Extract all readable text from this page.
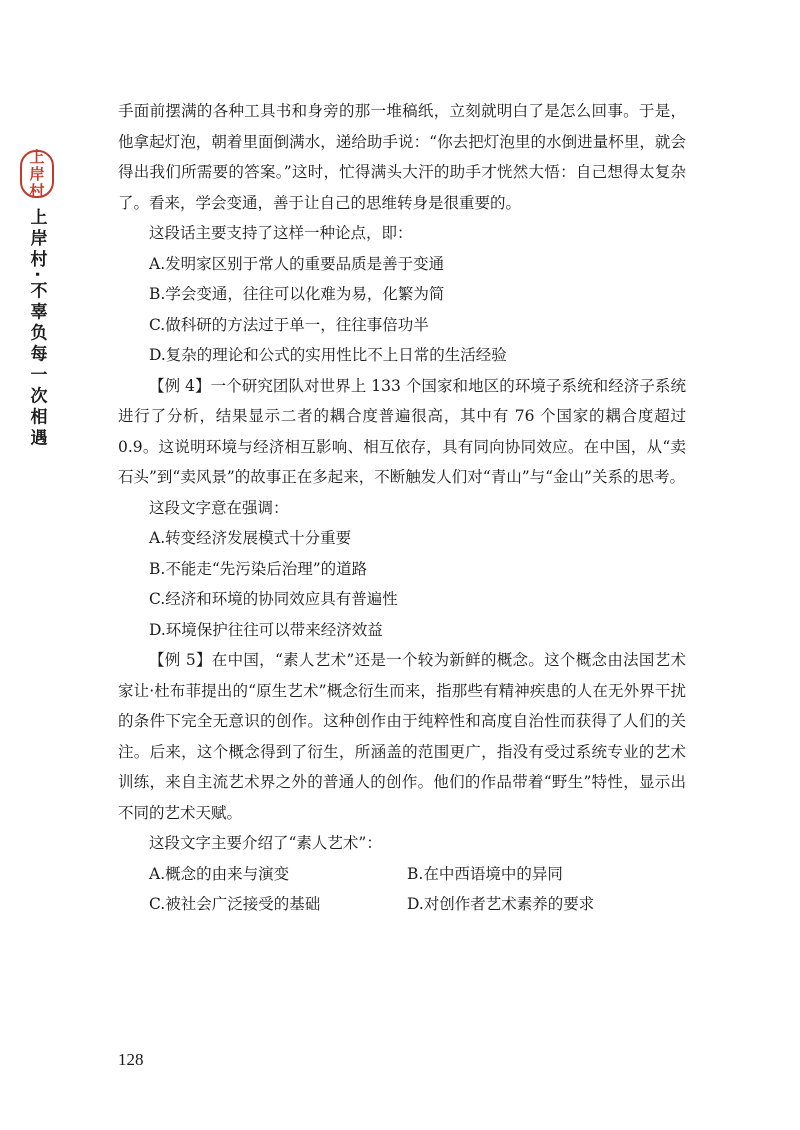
上岸村
上岸村·不辜负每一次相遇

手面前摆满的各种工具书和身旁的那一堆稿纸，立刻就明白了是怎么回事。于是，他拿起灯泡，朝着里面倒满水，递给助手说：“你去把灯泡里的水倒进量杯里，就会得出我们所需要的答案。”这时，忙得满头大汗的助手才恍然大悟：自己想得太复杂了。看来，学会变通，善于让自己的思维转身是很重要的。

这段话主要支持了这样一种论点，即：

A.发明家区别于常人的重要品质是善于变通

B.学会变通，往往可以化难为易，化繁为简

C.做科研的方法过于单一，往往事倍功半

D.复杂的理论和公式的实用性比不上日常的生活经验

【例 4】一个研究团队对世界上 133 个国家和地区的环境子系统和经济子系统进行了分析，结果显示二者的耦合度普遍很高，其中有 76 个国家的耦合度超过 0.9。这说明环境与经济相互影响、相互依存，具有同向协同效应。在中国，从“卖石头”到“卖风景”的故事正在多起来，不断触发人们对“青山”与“金山”关系的思考。

这段文字意在强调：

A.转变经济发展模式十分重要

B.不能走“先污染后治理”的道路

C.经济和环境的协同效应具有普遍性

D.环境保护往往可以带来经济效益

【例 5】在中国，“素人艺术”还是一个较为新鲜的概念。这个概念由法国艺术家让·杜布菲提出的“原生艺术”概念衍生而来，指那些有精神疾患的人在无外界干扰的条件下完全无意识的创作。这种创作由于纯粹性和高度自治性而获得了人们的关注。后来，这个概念得到了衍生，所涵盖的范围更广，指没有受过系统专业的艺术训练，来自主流艺术界之外的普通人的创作。他们的作品带着“野生”特性，显示出不同的艺术天赋。

这段文字主要介绍了“素人艺术”：

A.概念的由来与演变	B.在中西语境中的异同
C.被社会广泛接受的基础	D.对创作者艺术素养的要求
128
